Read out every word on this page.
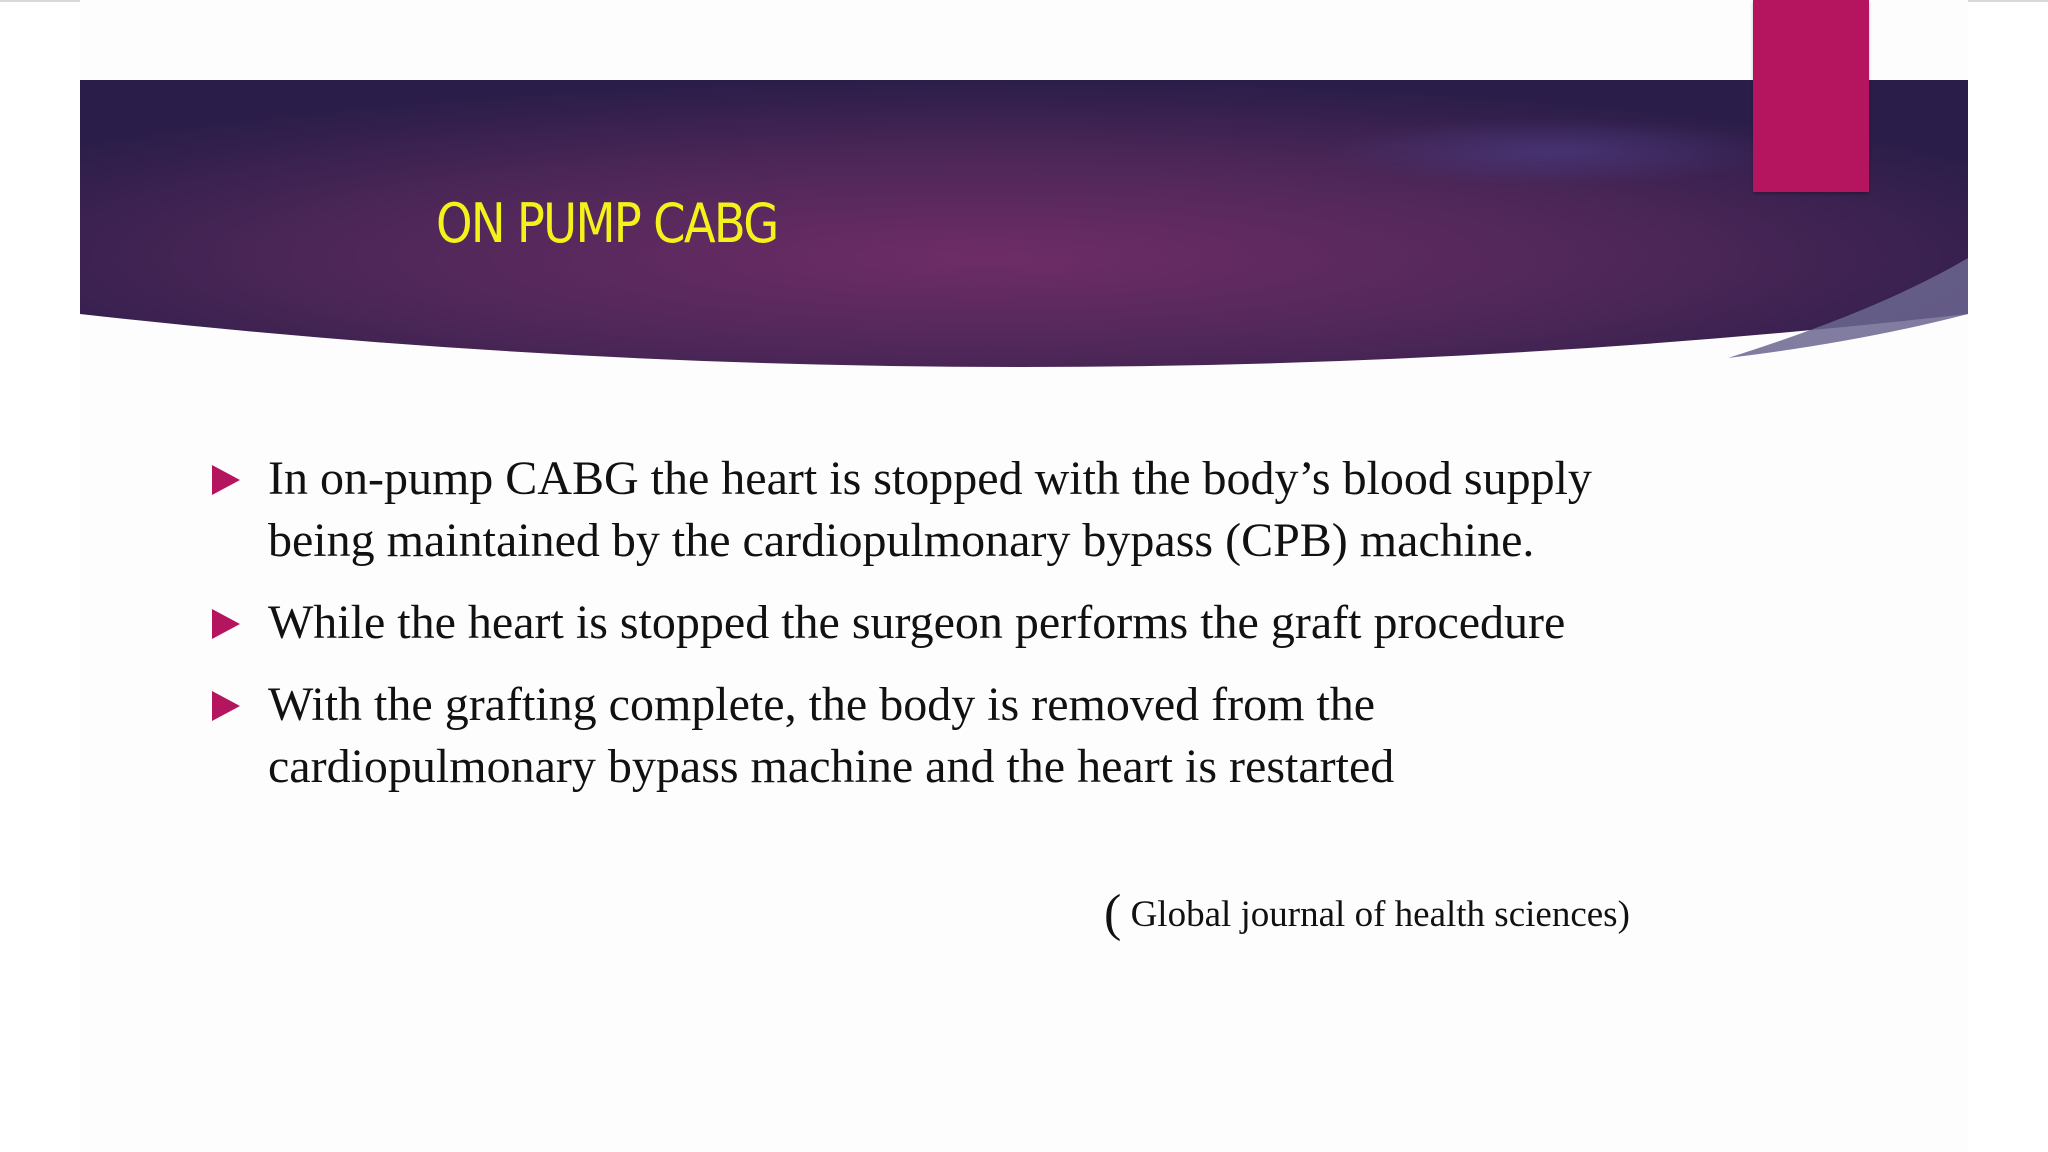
ON PUMP CABG
In on-pump CABG the heart is stopped with the body’s blood supply being maintained by the cardiopulmonary bypass (CPB) machine.
While the heart is stopped the surgeon performs the graft procedure
With the grafting complete, the body is removed from the cardiopulmonary bypass machine and the heart is restarted
( Global journal of health sciences)
